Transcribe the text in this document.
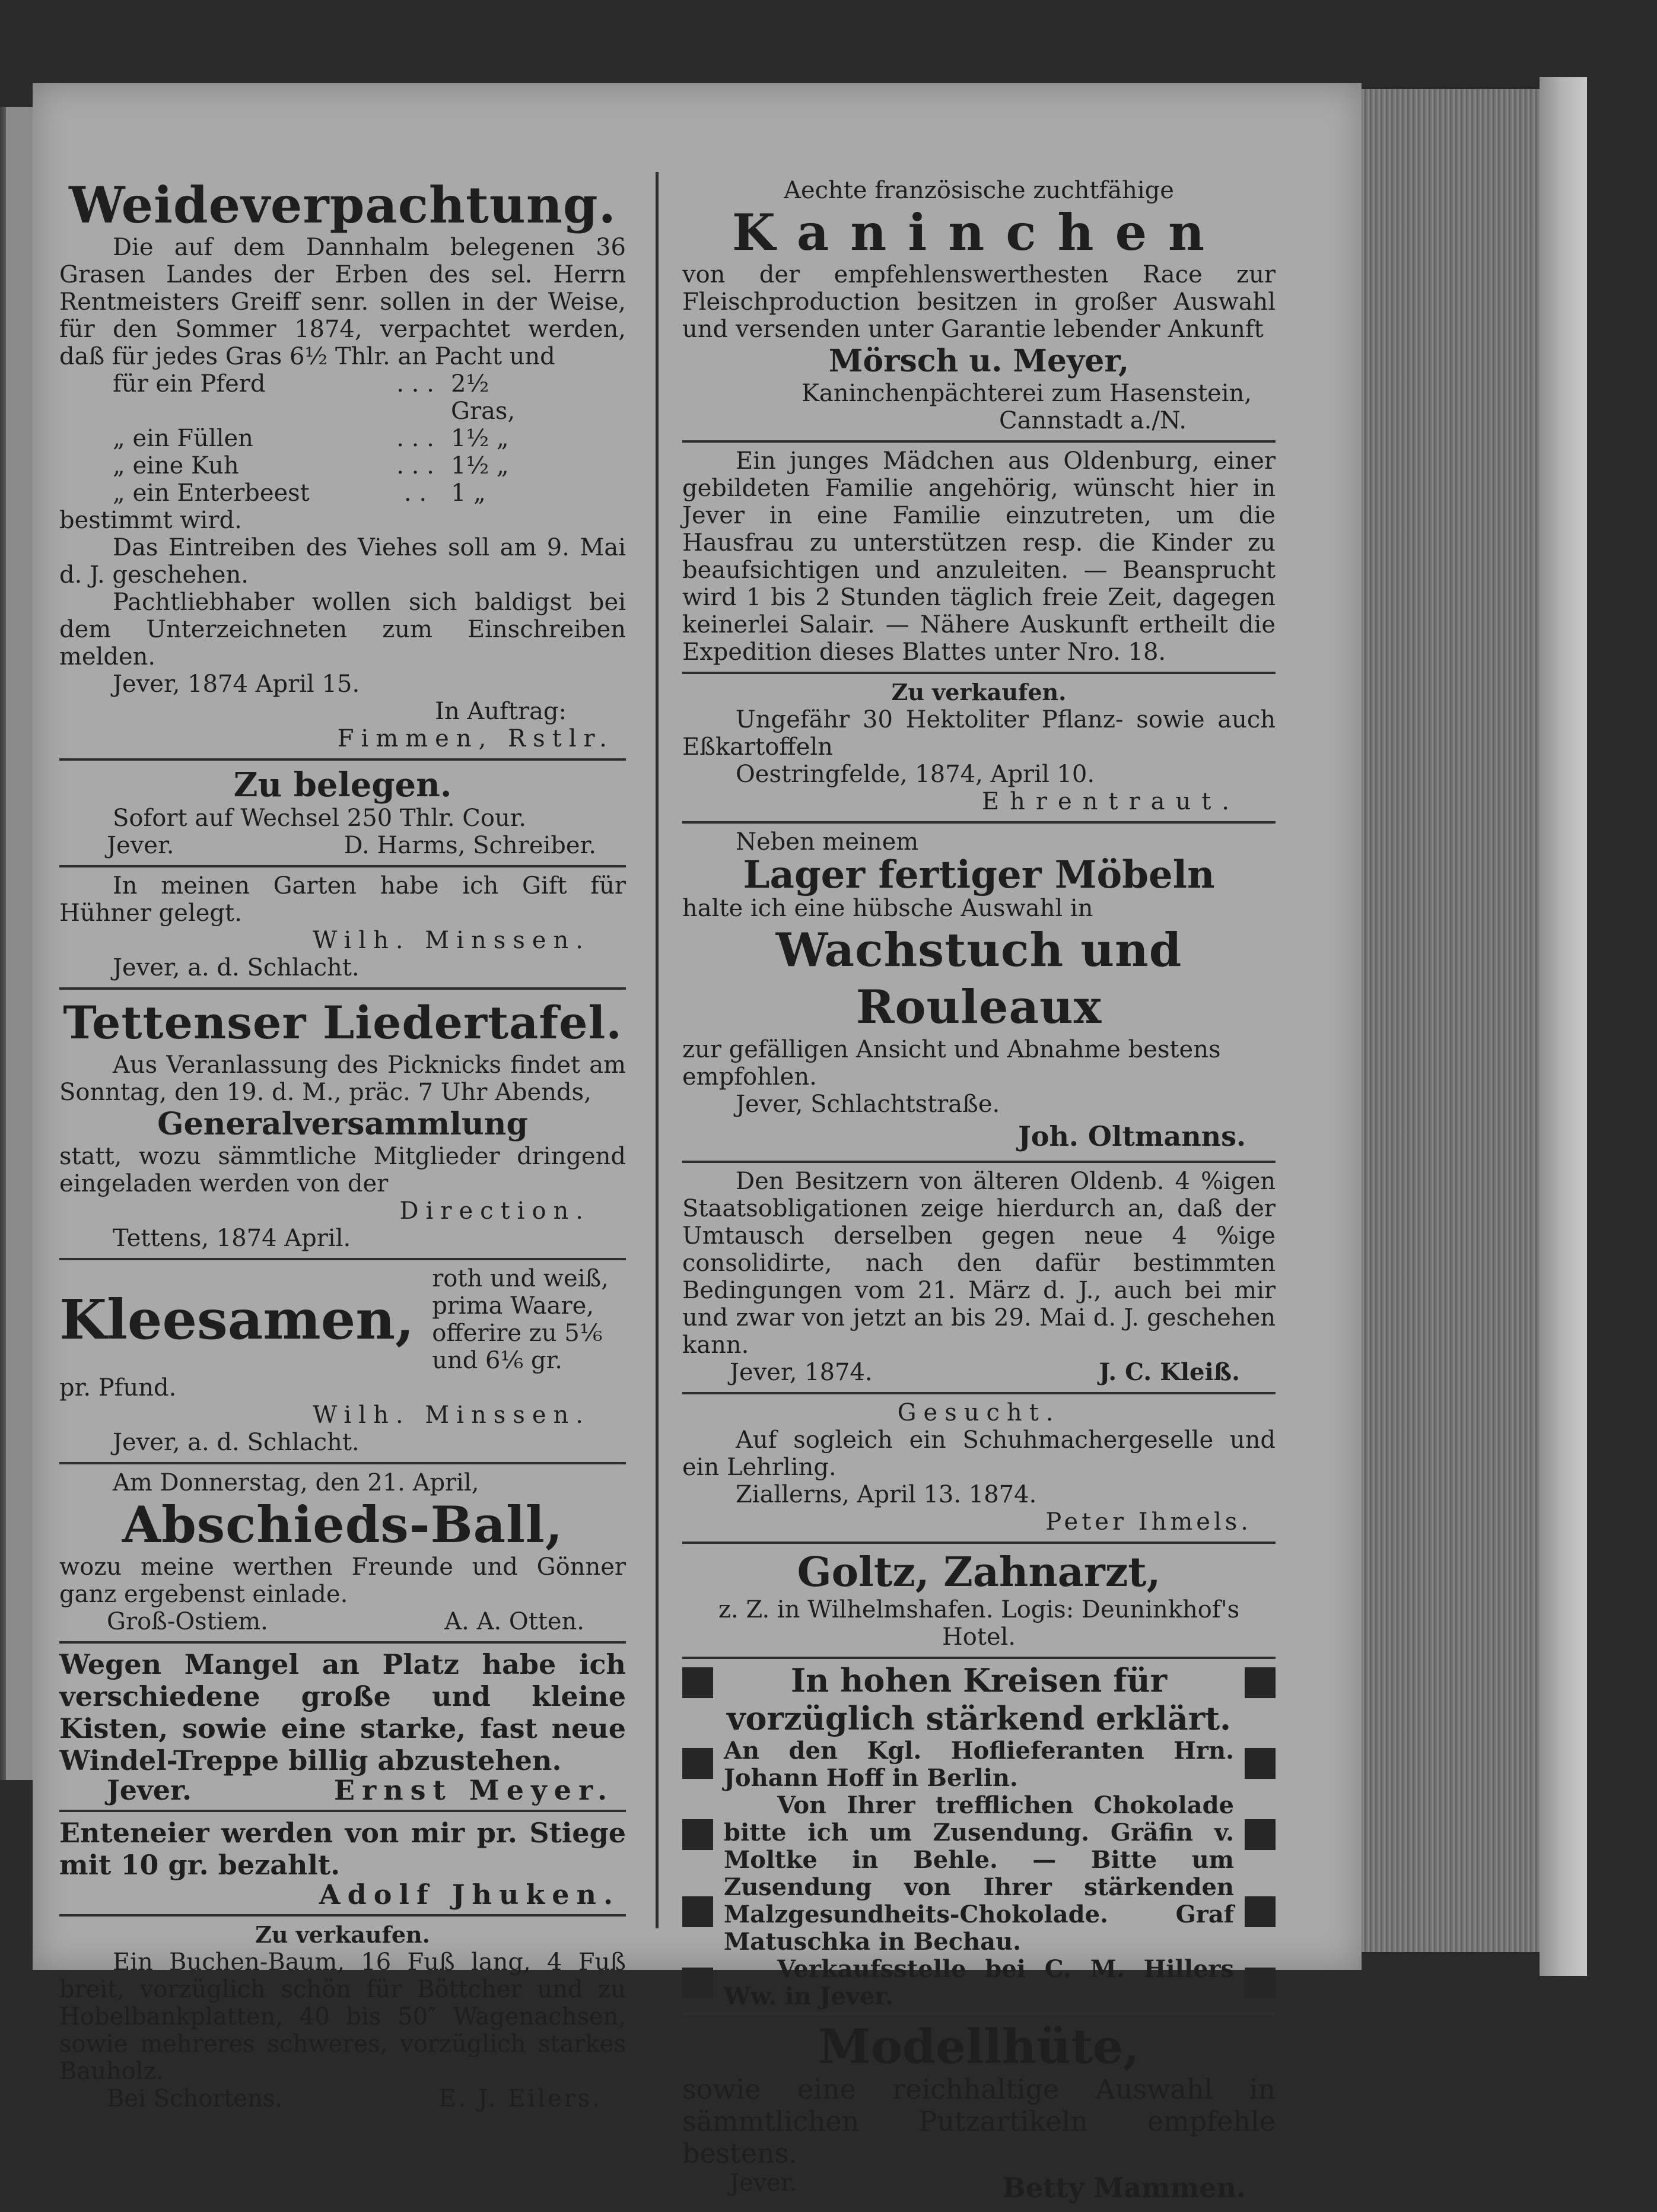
Weideverpachtung.
Die auf dem Dannhalm belegenen 36 Grasen Landes der Erben des sel. Herrn Rentmeisters Greiff senr. sollen in der Weise, für den Sommer 1874, verpachtet werden, daß für jedes Gras 6½ Thlr. an Pacht und
für ein Pferd	. . . 2½ Gras,
„ ein Füllen	. . . 1½ „
„ eine Kuh	. . . 1½ „
„ ein Enterbeest	. .	1 „
bestimmt wird.
Das Eintreiben des Viehes soll am 9. Mai d. J. geschehen.
Pachtliebhaber wollen sich baldigst bei dem Unterzeichneten zum Einschreiben melden.
Jever, 1874 April 15.
In Auftrag:
Fimmen, Rstlr.
Zu belegen.
Sofort auf Wechsel 250 Thlr. Cour.
Jever.	D. Harms, Schreiber.
In meinen Garten habe ich Gift für Hühner gelegt.
Wilh. Minssen.
Jever, a. d. Schlacht.
Tettenser Liedertafel.
Aus Veranlassung des Picknicks findet am Sonntag, den 19. d. M., präc. 7 Uhr Abends,
Generalversammlung
statt, wozu sämmtliche Mitglieder dringend eingeladen werden von der
Direction.
Tettens, 1874 April.
Kleesamen,
roth und weiß, prima Waare, offerire zu 5⅙ und 6⅙ gr.
pr. Pfund.
Wilh. Minssen.
Jever, a. d. Schlacht.
Am Donnerstag, den 21. April,
Abschieds-Ball,
wozu meine werthen Freunde und Gönner ganz ergebenst einlade.
Groß-Ostiem.	A. A. Otten.
Wegen Mangel an Platz habe ich verschiedene große und kleine Kisten, sowie eine starke, fast neue Windel-Treppe billig abzustehen.
Jever.	Ernst Meyer.
Enteneier werden von mir pr. Stiege mit 10 gr. bezahlt.
Adolf Jhuken.
Zu verkaufen.
Ein Buchen-Baum, 16 Fuß lang, 4 Fuß breit, vorzüglich schön für Böttcher und zu Hobelbankplatten, 40 bis 50″ Wagenachsen, sowie mehreres schweres, vorzüglich starkes Bauholz.
Bei Schortens.	E. J. Eilers.
Aechte französische zuchtfähige
Kaninchen
von der empfehlenswerthesten Race zur Fleischproduction besitzen in großer Auswahl und versenden unter Garantie lebender Ankunft
Mörsch u. Meyer,
Kaninchenpächterei zum Hasenstein,
Cannstadt a./N.
Ein junges Mädchen aus Oldenburg, einer gebildeten Familie angehörig, wünscht hier in Jever in eine Familie einzutreten, um die Hausfrau zu unterstützen resp. die Kinder zu beaufsichtigen und anzuleiten. — Beansprucht wird 1 bis 2 Stunden täglich freie Zeit, dagegen keinerlei Salair. — Nähere Auskunft ertheilt die Expedition dieses Blattes unter Nro. 18.
Zu verkaufen.
Ungefähr 30 Hektoliter Pflanz- sowie auch Eßkartoffeln
Oestringfelde, 1874, April 10.
Ehrentraut.
Neben meinem
Lager fertiger Möbeln
halte ich eine hübsche Auswahl in
Wachstuch und Rouleaux
zur gefälligen Ansicht und Abnahme bestens empfohlen.
Jever, Schlachtstraße.
Joh. Oltmanns.
Den Besitzern von älteren Oldenb. 4 %igen Staatsobligationen zeige hierdurch an, daß der Umtausch derselben gegen neue 4 %ige consolidirte, nach den dafür bestimmten Bedingungen vom 21. März d. J., auch bei mir und zwar von jetzt an bis 29. Mai d. J. geschehen kann.
Jever, 1874.	J. C. Kleiß.
Gesucht.
Auf sogleich ein Schuhmachergeselle und ein Lehrling.
Ziallerns, April 13. 1874.
Peter Ihmels.
Goltz, Zahnarzt,
z. Z. in Wilhelmshafen. Logis: Deuninkhof's Hotel.
In hohen Kreisen für vorzüglich stärkend erklärt.
An den Kgl. Hoflieferanten Hrn. Johann Hoff in Berlin.
Von Ihrer trefflichen Chokolade bitte ich um Zusendung. Gräfin v. Moltke in Behle. — Bitte um Zusendung von Ihrer stärkenden Malzgesundheits-Chokolade. Graf Matuschka in Bechau.
Verkaufsstelle bei C. M. Hillers Ww. in Jever.
Modellhüte,
sowie eine reichhaltige Auswahl in sämmtlichen Putzartikeln empfehle bestens.
Jever.	Betty Mammen.
